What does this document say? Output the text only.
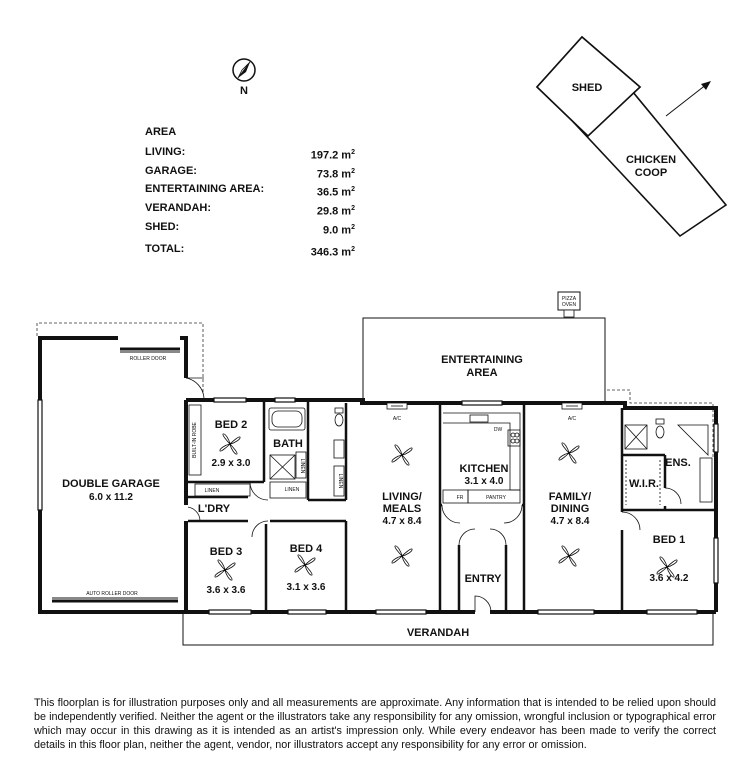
N	SHED
CHICKEN
COOP
PIZZA
OVEN
ENTERTAINING
AREA
VERANDAH
ROLLER DOOR
AUTO ROLLER DOOR
A/C	A/C
DOUBLE GARAGE
6.0 x 11.2
BED 2
2.9 x 3.0
BUILT-IN ROBE
LINEN
BATH
LINEN
LINEN
LINEN
L'DRY
BED 3
3.6 x 3.6
BED 4
3.1 x 3.6
LIVING/
MEALS
4.7 x 8.4
KITCHEN
3.1 x 4.0
FR	PANTRY
DW
FAMILY/
DINING
4.7 x 8.4
ENTRY
W.I.R.
ENS.
BED 1
3.6 x 4.2
AREA
LIVING:	197.2 m 2
GARAGE:	73.8 m 2
ENTERTAINING AREA:	36.5 m 2
VERANDAH:	29.8 m 2
SHED:	9.0 m 2
TOTAL:	346.3 m 2
This floorplan is for illustration purposes only and all measurements are approximate. Any information that is intended to be relied upon should be independently verified. Neither the agent or the illustrators take any responsibility for any omission, wrongful inclusion or typographical error which may occur in this drawing as it is intended as an artist's impression only. While every endeavor has been made to verify the correct details in this floor plan, neither the agent, vendor, nor illustrators accept any responsibility for any error or omission.
